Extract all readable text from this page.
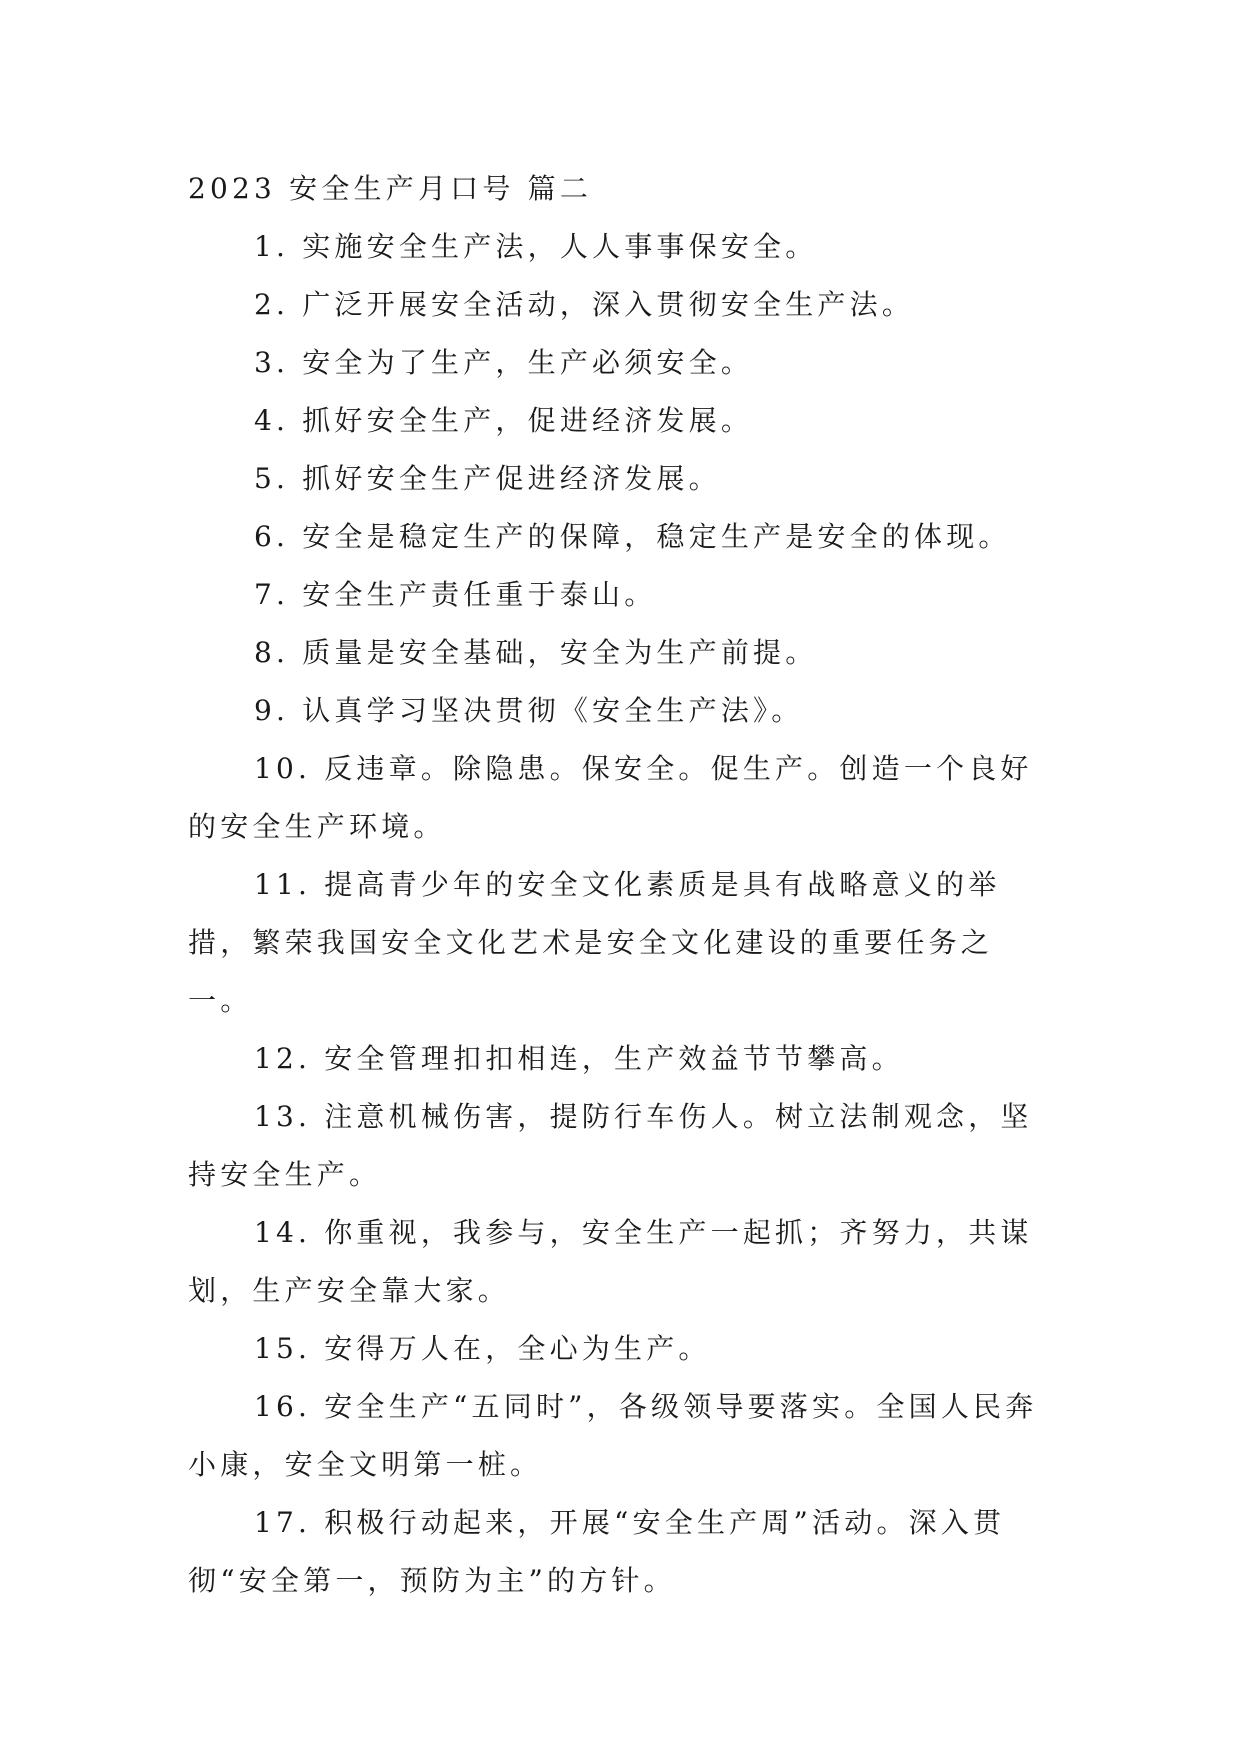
2023 安全生产月口号 篇二

1. 实施安全生产法，人人事事保安全。

2. 广泛开展安全活动，深入贯彻安全生产法。

3. 安全为了生产，生产必须安全。

4. 抓好安全生产，促进经济发展。

5. 抓好安全生产促进经济发展。

6. 安全是稳定生产的保障，稳定生产是安全的体现。

7. 安全生产责任重于泰山。

8. 质量是安全基础，安全为生产前提。

9. 认真学习坚决贯彻《安全生产法》。

10. 反违章。除隐患。保安全。促生产。创造一个良好的安全生产环境。

11. 提高青少年的安全文化素质是具有战略意义的举措，繁荣我国安全文化艺术是安全文化建设的重要任务之一。

12. 安全管理扣扣相连，生产效益节节攀高。

13. 注意机械伤害，提防行车伤人。树立法制观念，坚持安全生产。

14. 你重视，我参与，安全生产一起抓；齐努力，共谋划，生产安全靠大家。

15. 安得万人在，全心为生产。

16. 安全生产“五同时”，各级领导要落实。全国人民奔小康，安全文明第一桩。

17. 积极行动起来，开展“安全生产周”活动。深入贯彻“安全第一，预防为主”的方针。
